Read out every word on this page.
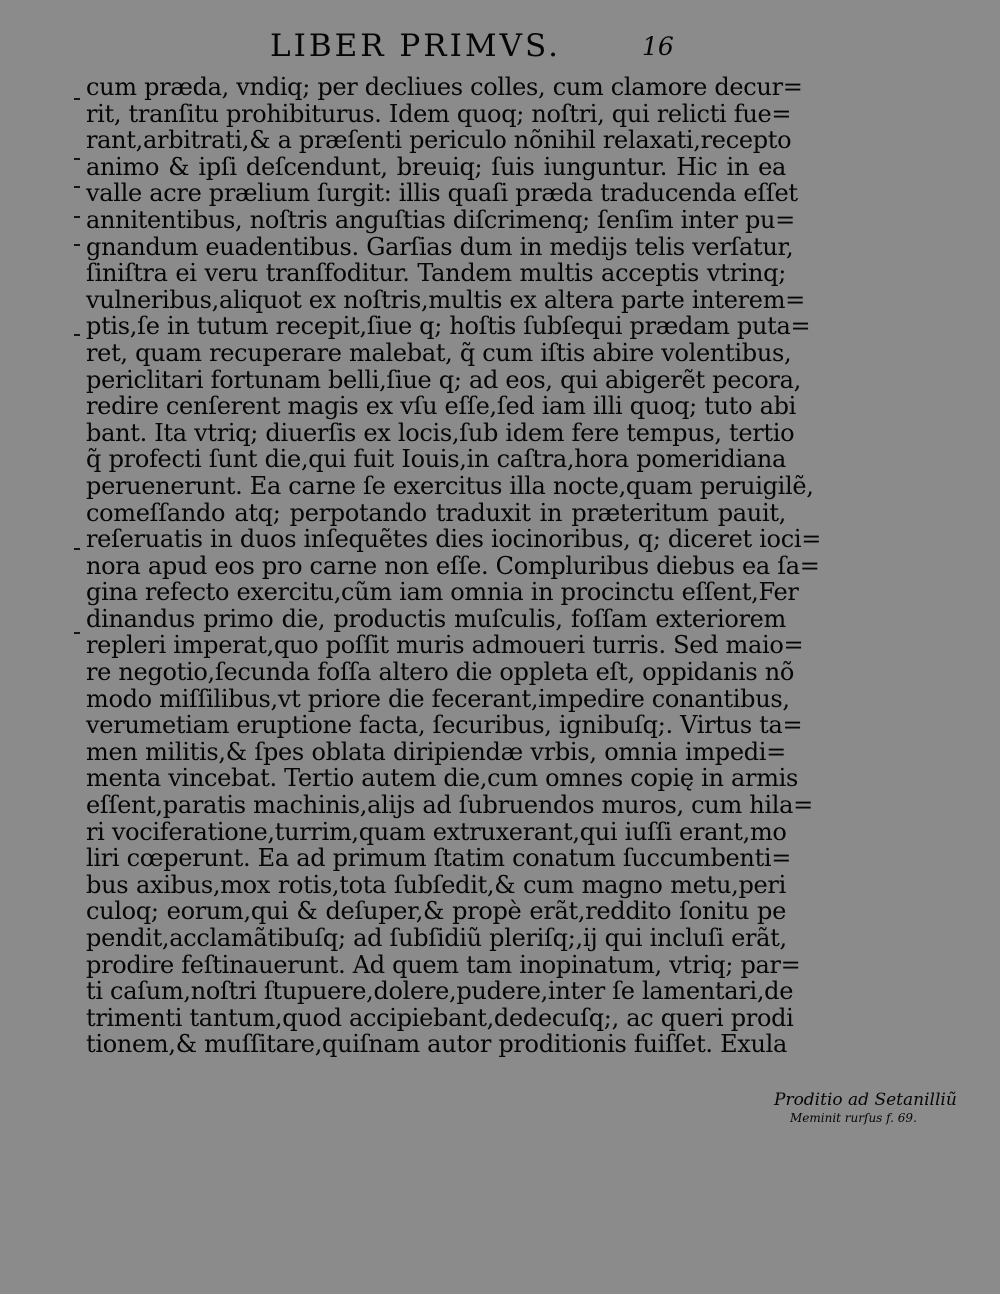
LIBER PRIMVS.	16
cum præda, vndiq; per decliues colles, cum clamore decur=
rit, tranſitu prohibiturus. Idem quoq; noſtri, qui relicti fue=
rant,arbitrati,& a præſenti periculo nõnihil relaxati,recepto
animo & ipſi deſcendunt, breuiq; ſuis iunguntur. Hic in ea
valle acre prælium ſurgit: illis quaſi præda traducenda eſſet
annitentibus, noſtris anguſtias diſcrimenq; ſenſim inter pu=
gnandum euadentibus. Garſias dum in medijs telis verſatur,
ſiniſtra ei veru tranſfoditur. Tandem multis acceptis vtrinq;
vulneribus,aliquot ex noſtris,multis ex altera parte interem=
ptis,ſe in tutum recepit,ſiue q; hoſtis ſubſequi prædam puta=
ret, quam recuperare malebat, q̃ cum iſtis abire volentibus,
periclitari fortunam belli,ſiue q; ad eos, qui abigerẽt pecora,
redire cenſerent magis ex vſu eſſe,ſed iam illi quoq; tuto abi
bant. Ita vtriq; diuerſis ex locis,ſub idem fere tempus, tertio
q̃ profecti ſunt die,qui fuit Iouis,in caſtra,hora pomeridiana
peruenerunt. Ea carne ſe exercitus illa nocte,quam peruigilẽ,
comeſſando atq; perpotando traduxit in præteritum pauit,
reſeruatis in duos inſequẽtes dies iocinoribus, q; diceret ioci=
nora apud eos pro carne non eſſe. Compluribus diebus ea ſa=
gina refecto exercitu,cũm iam omnia in procinctu eſſent,Fer
dinandus primo die, productis muſculis, foſſam exteriorem
repleri imperat,quo poſſit muris admoueri turris. Sed maio=
re negotio,ſecunda foſſa altero die oppleta eſt, oppidanis nõ
modo miſſilibus,vt priore die fecerant,impedire conantibus,
verumetiam eruptione facta, ſecuribus, ignibuſq;. Virtus ta=
men militis,& ſpes oblata diripiendæ vrbis, omnia impedi=
menta vincebat. Tertio autem die,cum omnes copię in armis
eſſent,paratis machinis,alijs ad ſubruendos muros, cum hila=
ri vociferatione,turrim,quam extruxerant,qui iuſſi erant,mo
liri cœperunt. Ea ad primum ſtatim conatum ſuccumbenti=
bus axibus,mox rotis,tota ſubſedit,& cum magno metu,peri
culoq; eorum,qui & deſuper,& propè erãt,reddito ſonitu pe
pendit,acclamãtibuſq; ad ſubſidiũ pleriſq;,ij qui incluſi erãt,
prodire feſtinauerunt. Ad quem tam inopinatum, vtriq; par=
ti caſum,noſtri ſtupuere,dolere,pudere,inter ſe lamentari,de
trimenti tantum,quod accipiebant,dedecuſq;, ac queri prodi
tionem,& muſſitare,quiſnam autor proditionis fuiſſet. Exula
Proditio ad Setanilliũ
Meminit rurſus f. 69.
